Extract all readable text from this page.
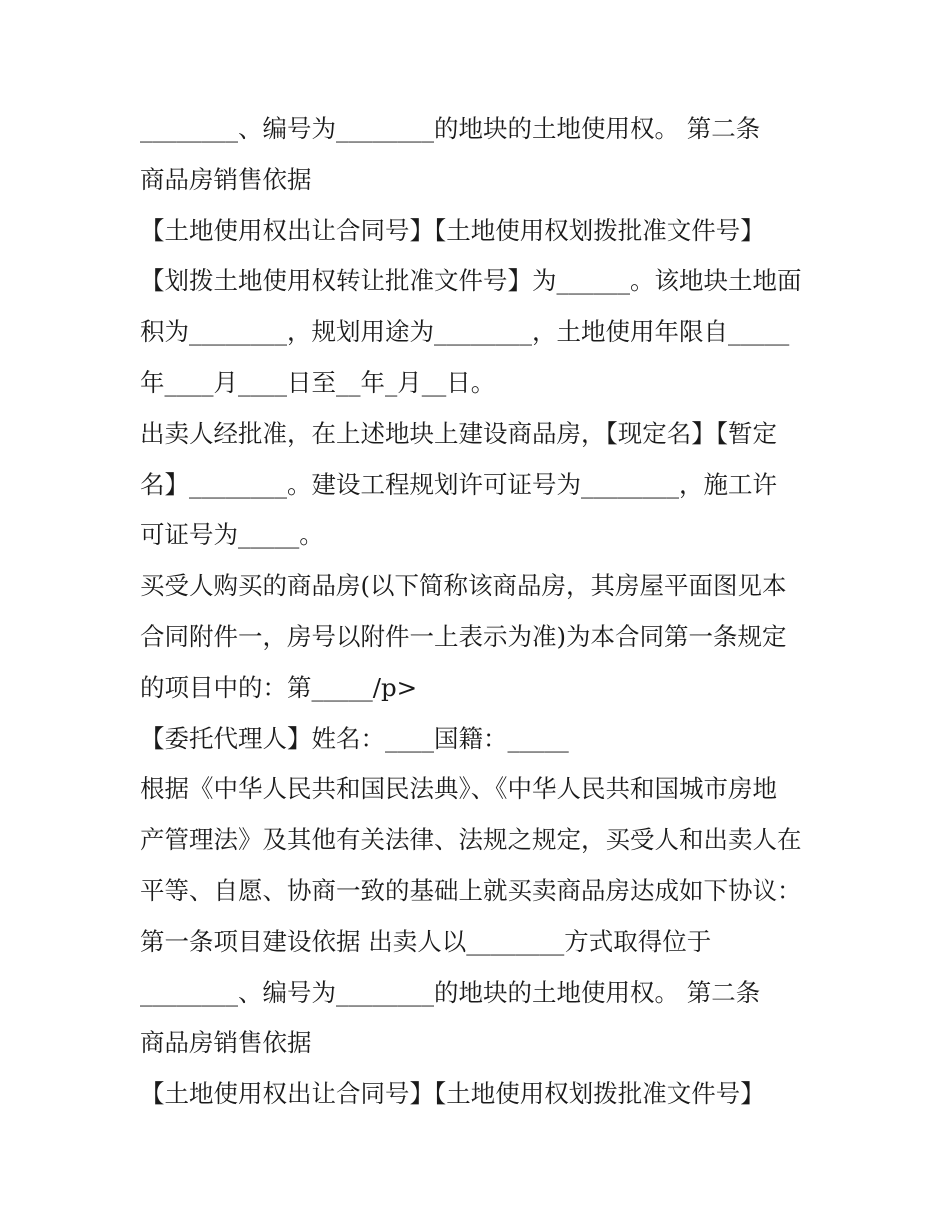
________、编号为________的地块的土地使用权。 第二条
商品房销售依据
【土地使用权出让合同号】【土地使用权划拨批准文件号】
【划拨土地使用权转让批准文件号】为______。该地块土地面
积为________，规划用途为________，土地使用年限自_____
年____月____日至__年_月__日。
出卖人经批准，在上述地块上建设商品房，【现定名】【暂定
名】________。建设工程规划许可证号为________，施工许
可证号为_____。
买受人购买的商品房(以下简称该商品房，其房屋平面图见本
合同附件一，房号以附件一上表示为准)为本合同第一条规定
的项目中的：第_____/p>
【委托代理人】姓名：____国籍：_____
根据《中华人民共和国民法典》、《中华人民共和国城市房地
产管理法》及其他有关法律、法规之规定，买受人和出卖人在
平等、自愿、协商一致的基础上就买卖商品房达成如下协议：
第一条项目建设依据 出卖人以________方式取得位于
________、编号为________的地块的土地使用权。 第二条
商品房销售依据
【土地使用权出让合同号】【土地使用权划拨批准文件号】
